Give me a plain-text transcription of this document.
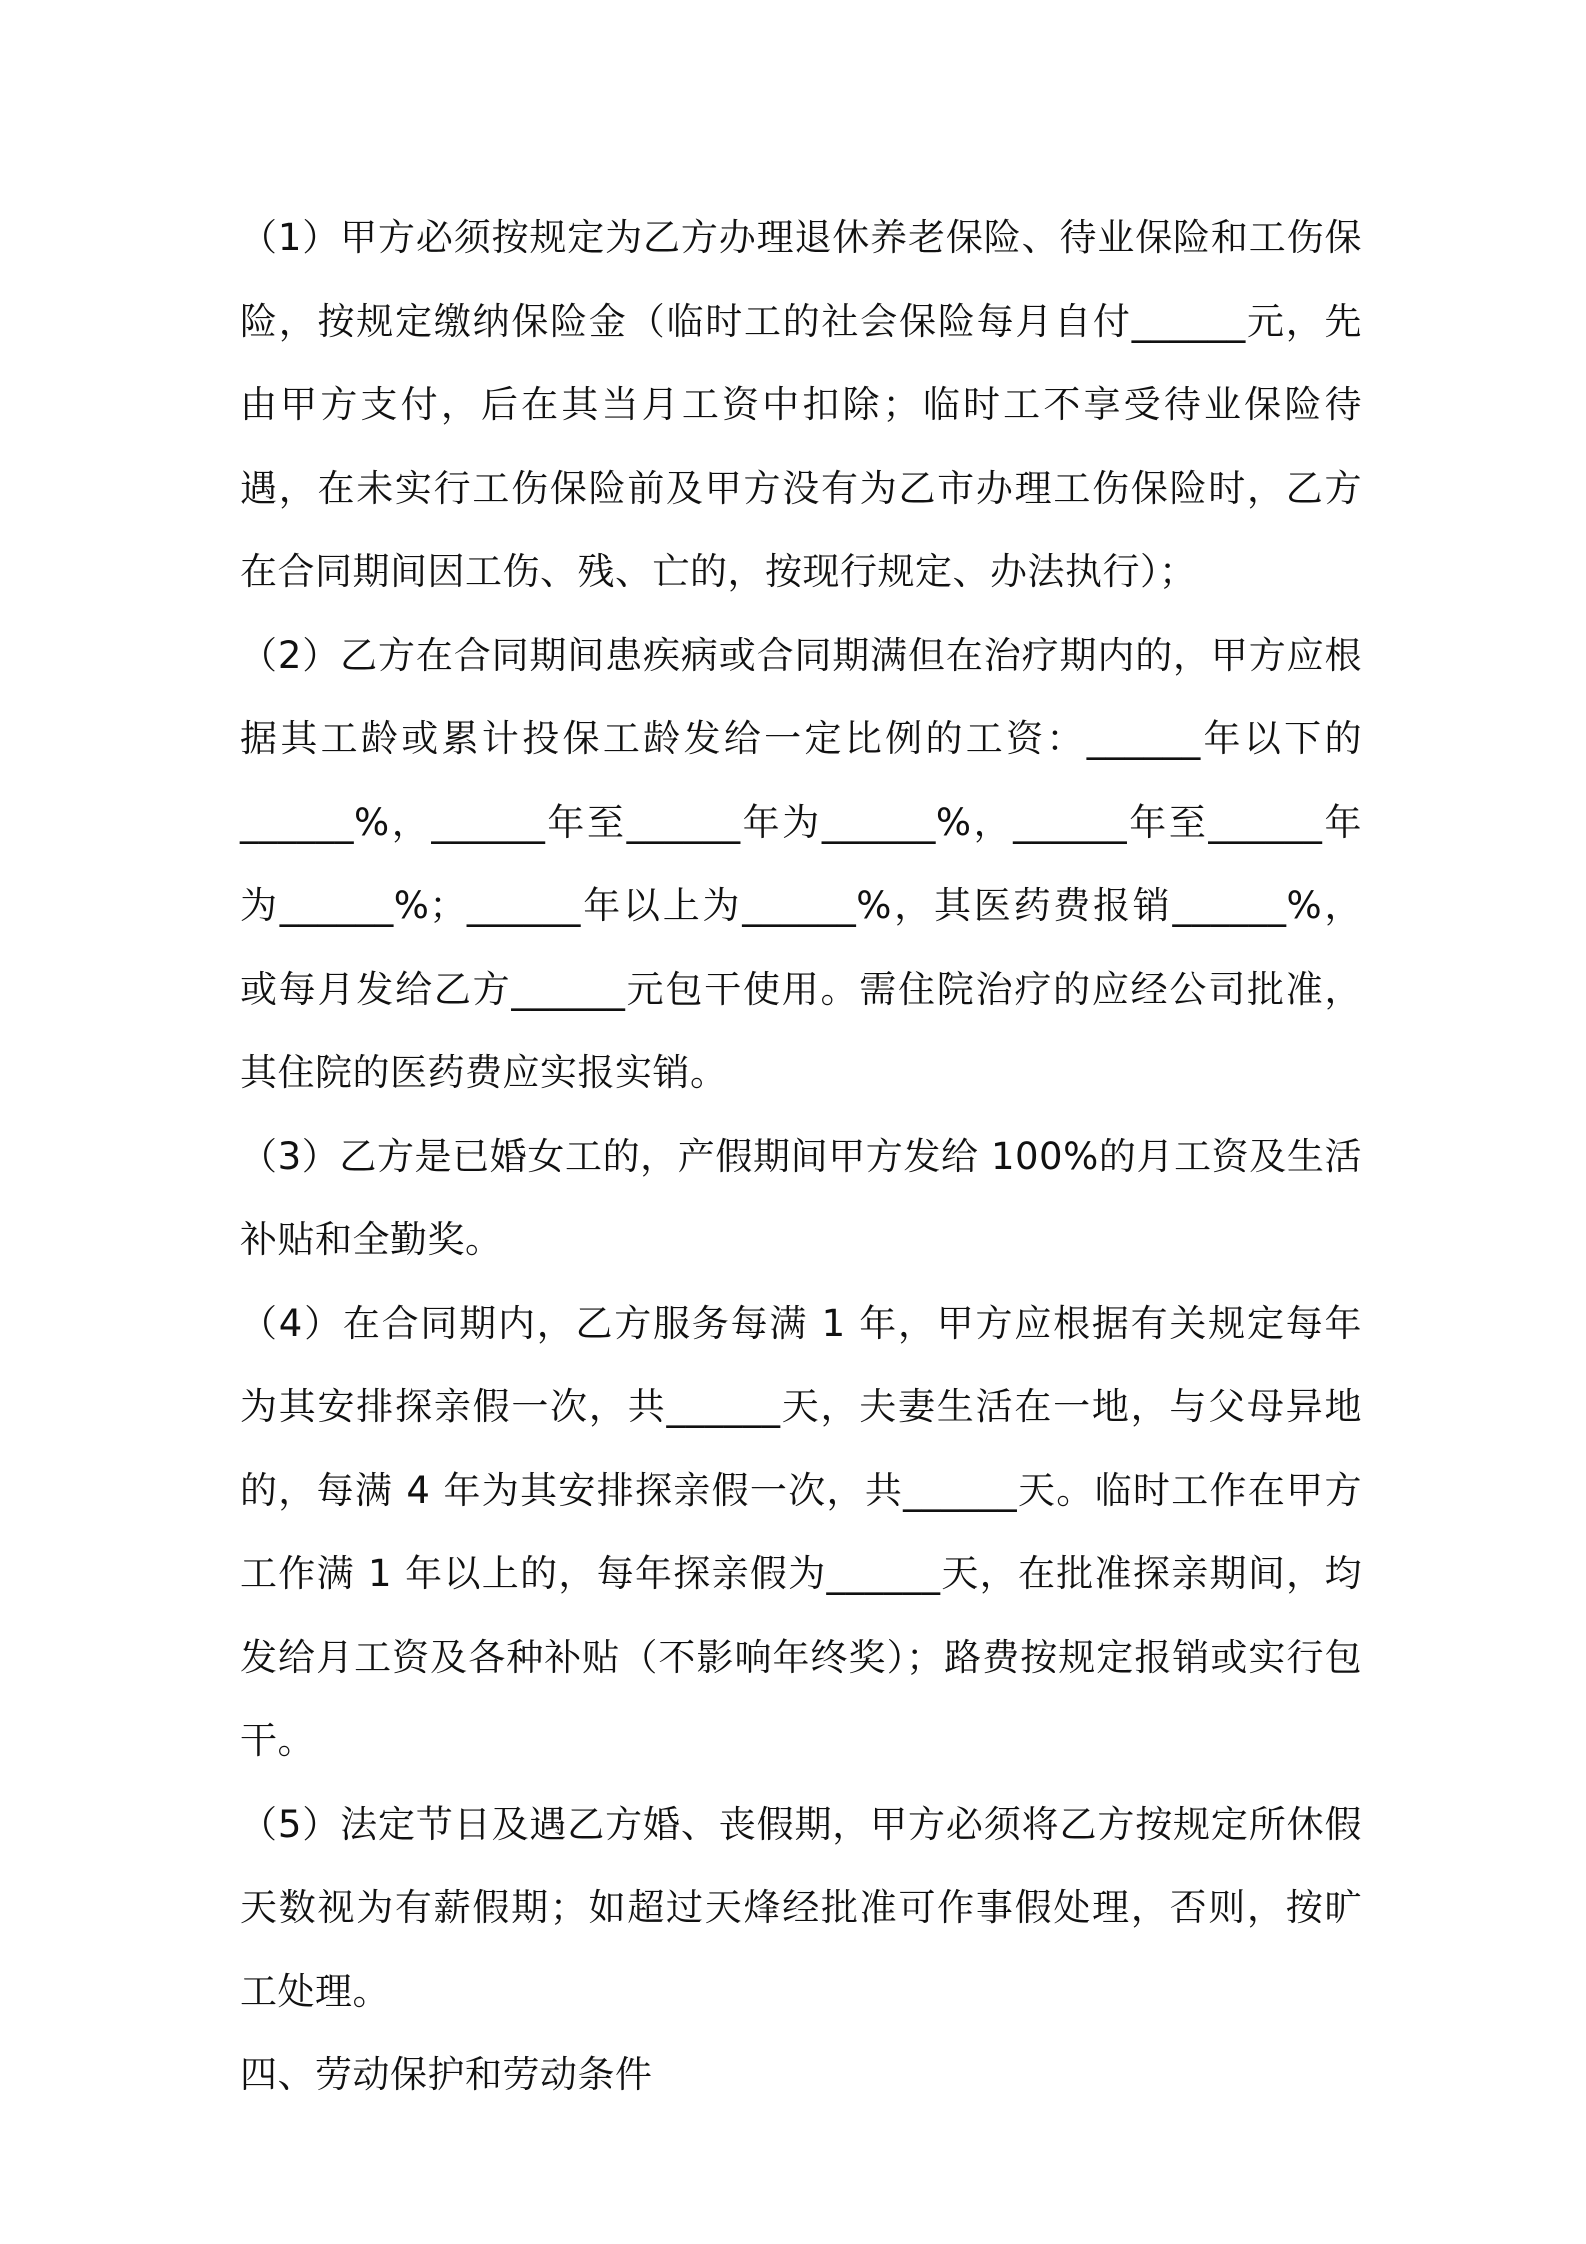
（1）甲方必须按规定为乙方办理退休养老保险、待业保险和工伤保险，按规定缴纳保险金（临时工的社会保险每月自付______元，先由甲方支付，后在其当月工资中扣除；临时工不享受待业保险待遇，在未实行工伤保险前及甲方没有为乙市办理工伤保险时，乙方在合同期间因工伤、残、亡的，按现行规定、办法执行）；

（2）乙方在合同期间患疾病或合同期满但在治疗期内的，甲方应根据其工龄或累计投保工龄发给一定比例的工资：______年以下的______%，______年至______年为______%，______年至______年为______%；______年以上为______%，其医药费报销______%，或每月发给乙方______元包干使用。需住院治疗的应经公司批准，其住院的医药费应实报实销。

（3）乙方是已婚女工的，产假期间甲方发给 100%的月工资及生活补贴和全勤奖。

（4）在合同期内，乙方服务每满 1 年，甲方应根据有关规定每年为其安排探亲假一次，共______天，夫妻生活在一地，与父母异地的，每满 4 年为其安排探亲假一次，共______天。临时工作在甲方工作满 1 年以上的，每年探亲假为______天，在批准探亲期间，均发给月工资及各种补贴（不影响年终奖）；路费按规定报销或实行包干。

（5）法定节日及遇乙方婚、丧假期，甲方必须将乙方按规定所休假天数视为有薪假期；如超过天烽经批准可作事假处理，否则，按旷工处理。

四、劳动保护和劳动条件
